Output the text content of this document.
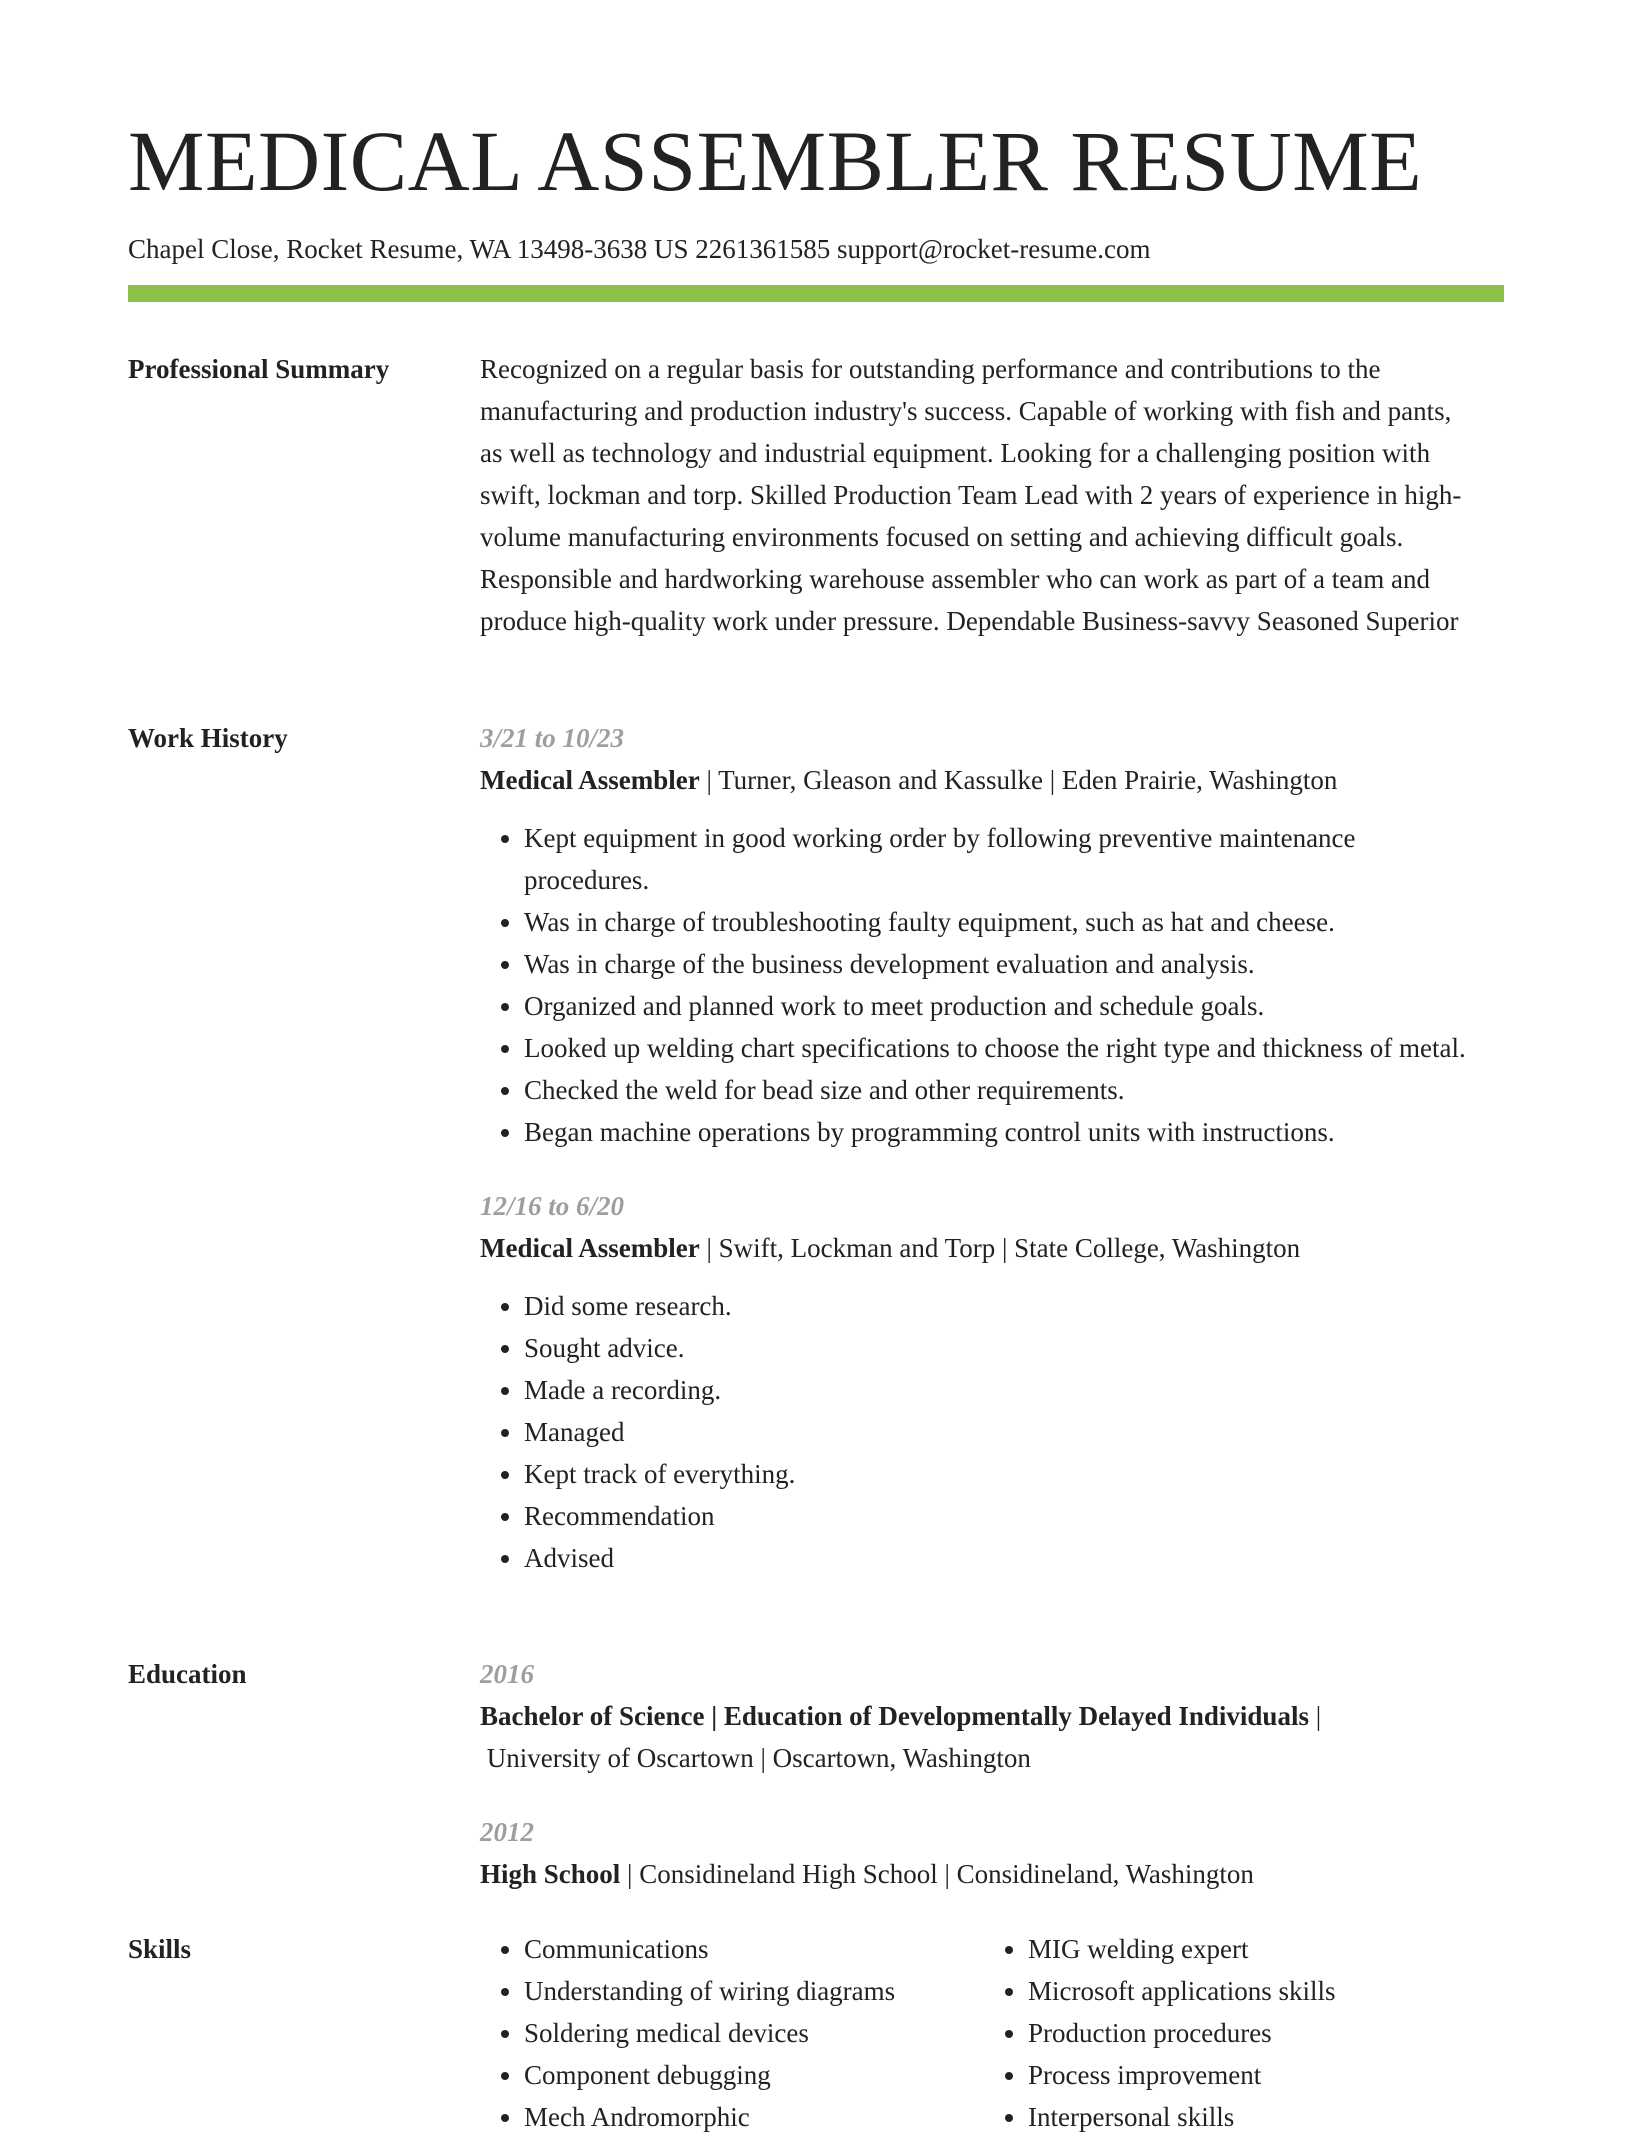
MEDICAL ASSEMBLER RESUME
Chapel Close, Rocket Resume, WA 13498-3638 US 2261361585 support@rocket-resume.com
Professional Summary	Recognized on a regular basis for outstanding performance and contributions to the manufacturing and production industry's success. Capable of working with fish and pants, as well as technology and industrial equipment. Looking for a challenging position with swift, lockman and torp. Skilled Production Team Lead with 2 years of experience in high-volume manufacturing environments focused on setting and achieving difficult goals. Responsible and hardworking warehouse assembler who can work as part of a team and produce high-quality work under pressure. Dependable Business-savvy Seasoned Superior

Work History	3/21 to 10/23
Medical Assembler | Turner, Gleason and Kassulke | Eden Prairie, Washington
• Kept equipment in good working order by following preventive maintenance procedures.
• Was in charge of troubleshooting faulty equipment, such as hat and cheese.
• Was in charge of the business development evaluation and analysis.
• Organized and planned work to meet production and schedule goals.
• Looked up welding chart specifications to choose the right type and thickness of metal.
• Checked the weld for bead size and other requirements.
• Began machine operations by programming control units with instructions.
12/16 to 6/20
Medical Assembler | Swift, Lockman and Torp | State College, Washington
• Did some research.
• Sought advice.
• Made a recording.
• Managed
• Kept track of everything.
• Recommendation
• Advised
Education	2016
Bachelor of Science | Education of Developmentally Delayed Individuals |
University of Oscartown | Oscartown, Washington
2012
High School | Considineland High School | Considineland, Washington
Skills
•	Communications
• Understanding of wiring diagrams
• Soldering medical devices
• Component debugging
• Mech Andromorphic
• MIG welding expert
• Microsoft applications skills
• Production procedures
• Process improvement
• Interpersonal skills
